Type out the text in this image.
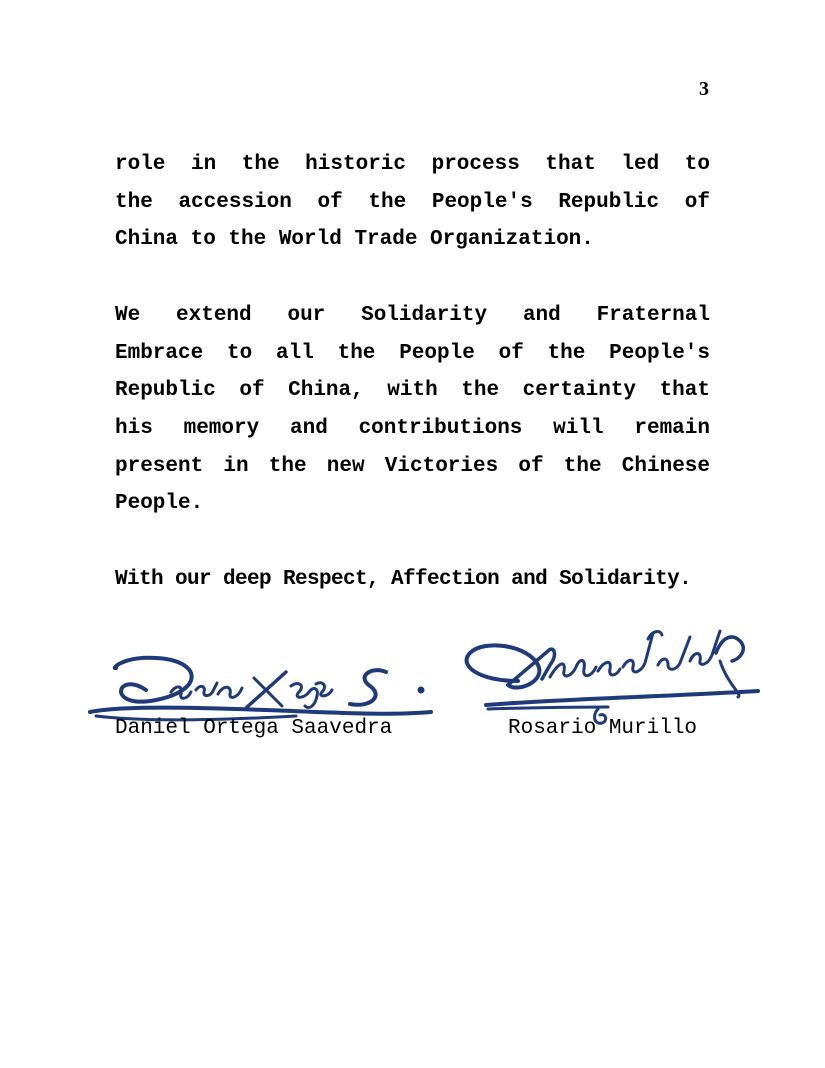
3
role in the historic process that led to
the accession of the People's Republic of
China to the World Trade Organization.
We extend our Solidarity and Fraternal
Embrace to all the People of the People's
Republic of China, with the certainty that
his memory and contributions will remain
present in the new Victories of the Chinese
People.
With our deep Respect, Affection and Solidarity.
Daniel Ortega Saavedra	Rosario Murillo
